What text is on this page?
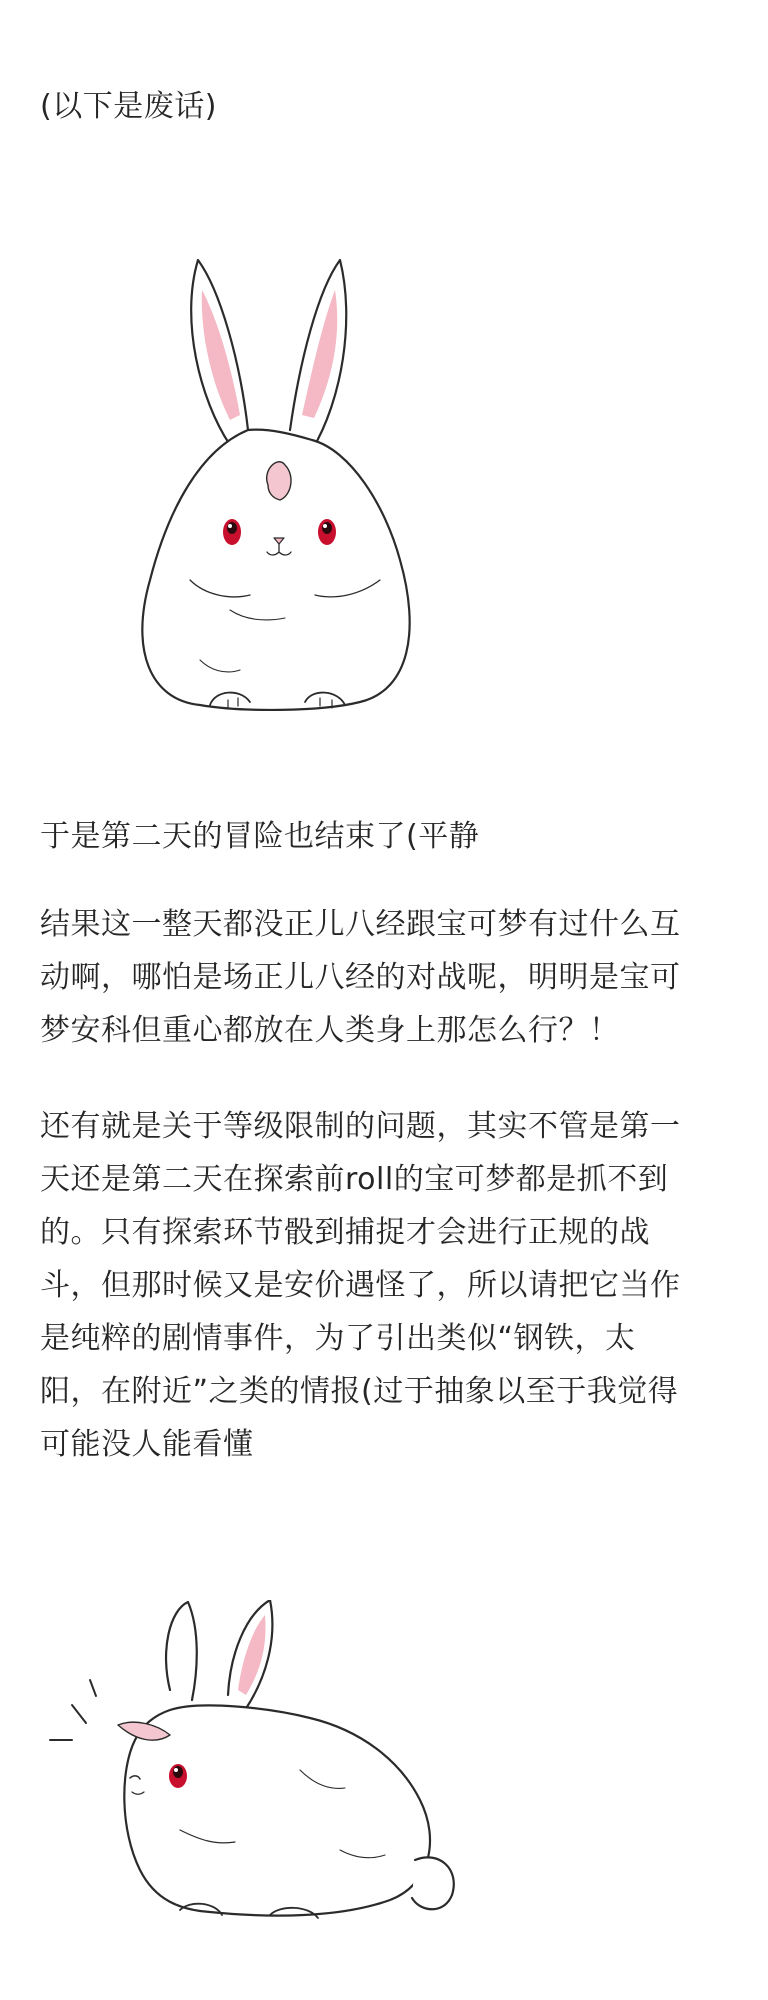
(以下是废话)

于是第二天的冒险也结束了(平静

结果这一整天都没正儿八经跟宝可梦有过什么互
动啊，哪怕是场正儿八经的对战呢，明明是宝可
梦安科但重心都放在人类身上那怎么行？！

还有就是关于等级限制的问题，其实不管是第一
天还是第二天在探索前roll的宝可梦都是抓不到
的。只有探索环节骰到捕捉才会进行正规的战
斗，但那时候又是安价遇怪了，所以请把它当作
是纯粹的剧情事件，为了引出类似“钢铁，太
阳，在附近”之类的情报(过于抽象以至于我觉得
可能没人能看懂
